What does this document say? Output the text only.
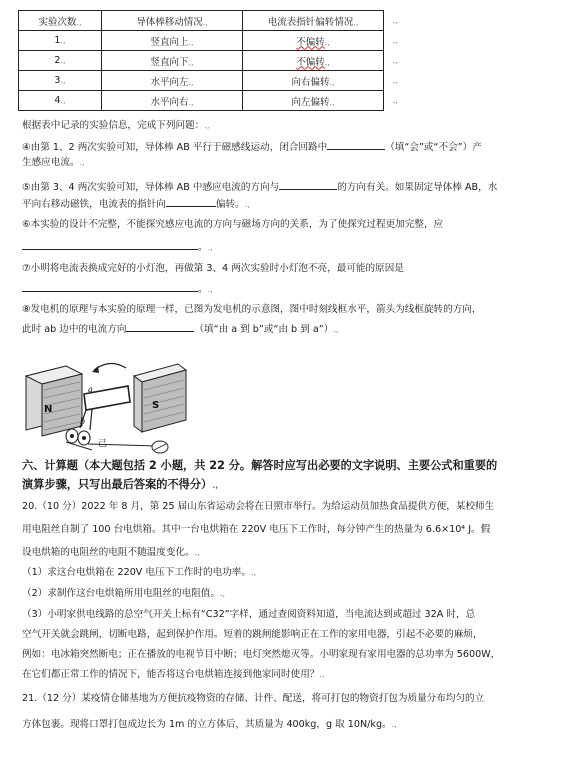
实验次数.,	导体棒移动情况.,	电流表指针偏转情况.,	.,
1.,	竖直向上.,	不偏转.,	.,
2.,	竖直向下.,	不偏转.,	.,
3.,	水平向左.,	向右偏转.,	.,
4.,	水平向右.,	向左偏转.,	.,
根据表中记录的实验信息，完成下列问题：.,
④由第 1、2 两次实验可知，导体棒 AB 平行于磁感线运动，闭合回路中	（填“会”或“不会”）产
生感应电流。.,
⑤由第 3、4 两次实验可知，导体棒 AB 中感应电流的方向与	的方向有关。如果固定导体棒 AB，水
平向右移动磁铁，电流表的指针向	偏转。.,
⑥本实验的设计不完整，不能探究感应电流的方向与磁场方向的关系，为了使探究过程更加完整，应
。.,
⑦小明将电流表换成完好的小灯泡，再做第 3、4 两次实验时小灯泡不亮，最可能的原因是
。.,
⑧发电机的原理与本实验的原理一样，已图为发电机的示意图，图中时刻线框水平，箭头为线框旋转的方向，
此时 ab 边中的电流方向	（填“由 a 到 b”或“由 b 到 a”）.,
N	S
a
b
己
六、计算题（本大题包括 2 小题，共 22 分。解答时应写出必要的文字说明、主要公式和重要的
演算步骤，只写出最后答案的不得分）.,
20.（10 分）2022 年 8 月，第 25 届山东省运动会将在日照市举行。为给运动员加热食品提供方便，某校师生
用电阻丝自制了 100 台电烘箱。其中一台电烘箱在 220V 电压下工作时，每分钟产生的热量为 6.6×10⁴ J。假
设电烘箱的电阻丝的电阻不随温度变化。.,
（1）求这台电烘箱在 220V 电压下工作时的电功率。.,
（2）求制作这台电烘箱所用电阻丝的电阻值。.,
（3）小明家供电线路的总空气开关上标有“C32”字样，通过查阅资料知道，当电流达到或超过 32A 时，总
空气开关就会跳闸，切断电路，起到保护作用。短着的跳闸能影响正在工作的家用电器，引起不必要的麻烦，
例如：电冰箱突然断电；正在播放的电视节目中断；电灯突然熄灭等。小明家现有家用电器的总功率为 5600W，
在它们都正常工作的情况下，能否将这台电烘箱连接到他家同时使用？.,
21.（12 分）某疫情仓储基地为方便抗疫物资的存储、计件、配送，将可打包的物资打包为质量分布均匀的立
方体包裹。现将口罩打包成边长为 1m 的立方体后，其质量为 400kg，g 取 10N/kg。.,
